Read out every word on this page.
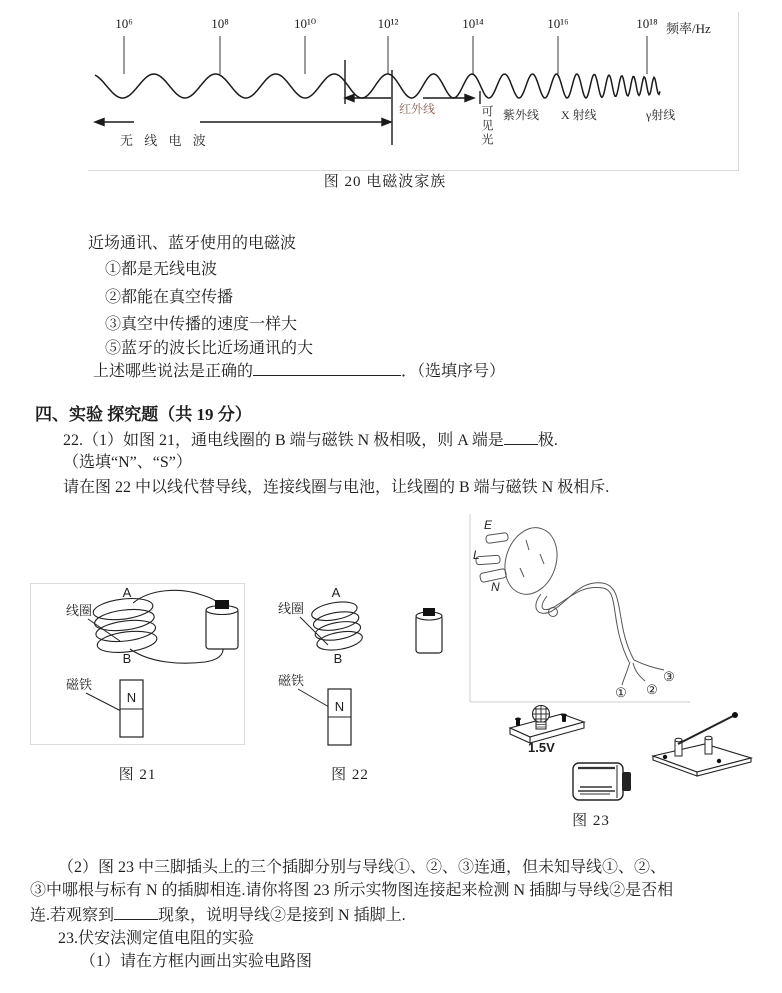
10⁶	10⁸	10¹⁰	10¹²	10¹⁴	10¹⁶	10¹⁸ 频率/Hz
无 线 电 波
红外线	可见光 紫外线 X 射线	γ射线
图 20 电磁波家族
近场通讯、蓝牙使用的电磁波
①都是无线电波
②都能在真空传播
③真空中传播的速度一样大
⑤蓝牙的波长比近场通讯的大
上述哪些说法是正确的	．（选填序号）
四、实验 探究题（共 19 分）
22.（1）如图 21，通电线圈的 B 端与磁铁 N 极相吸，则 A 端是 极.
（选填“N”、“S”）
请在图 22 中以线代替导线，连接线圈与电池，让线圈的 B 端与磁铁 N 极相斥.
A
B
线圈
磁铁
N
图 21
A
B
线圈
磁铁
N
图 22
E
L
N
① ②
③
1.5V
图 23
（2）图 23 中三脚插头上的三个插脚分别与导线①、②、③连通，但未知导线①、②、
③中哪根与标有 N 的插脚相连.请你将图 23 所示实物图连接起来检测 N 插脚与导线②是否相
连.若观察到	现象，说明导线②是接到 N 插脚上.
23.伏安法测定值电阻的实验
（1）请在方框内画出实验电路图
